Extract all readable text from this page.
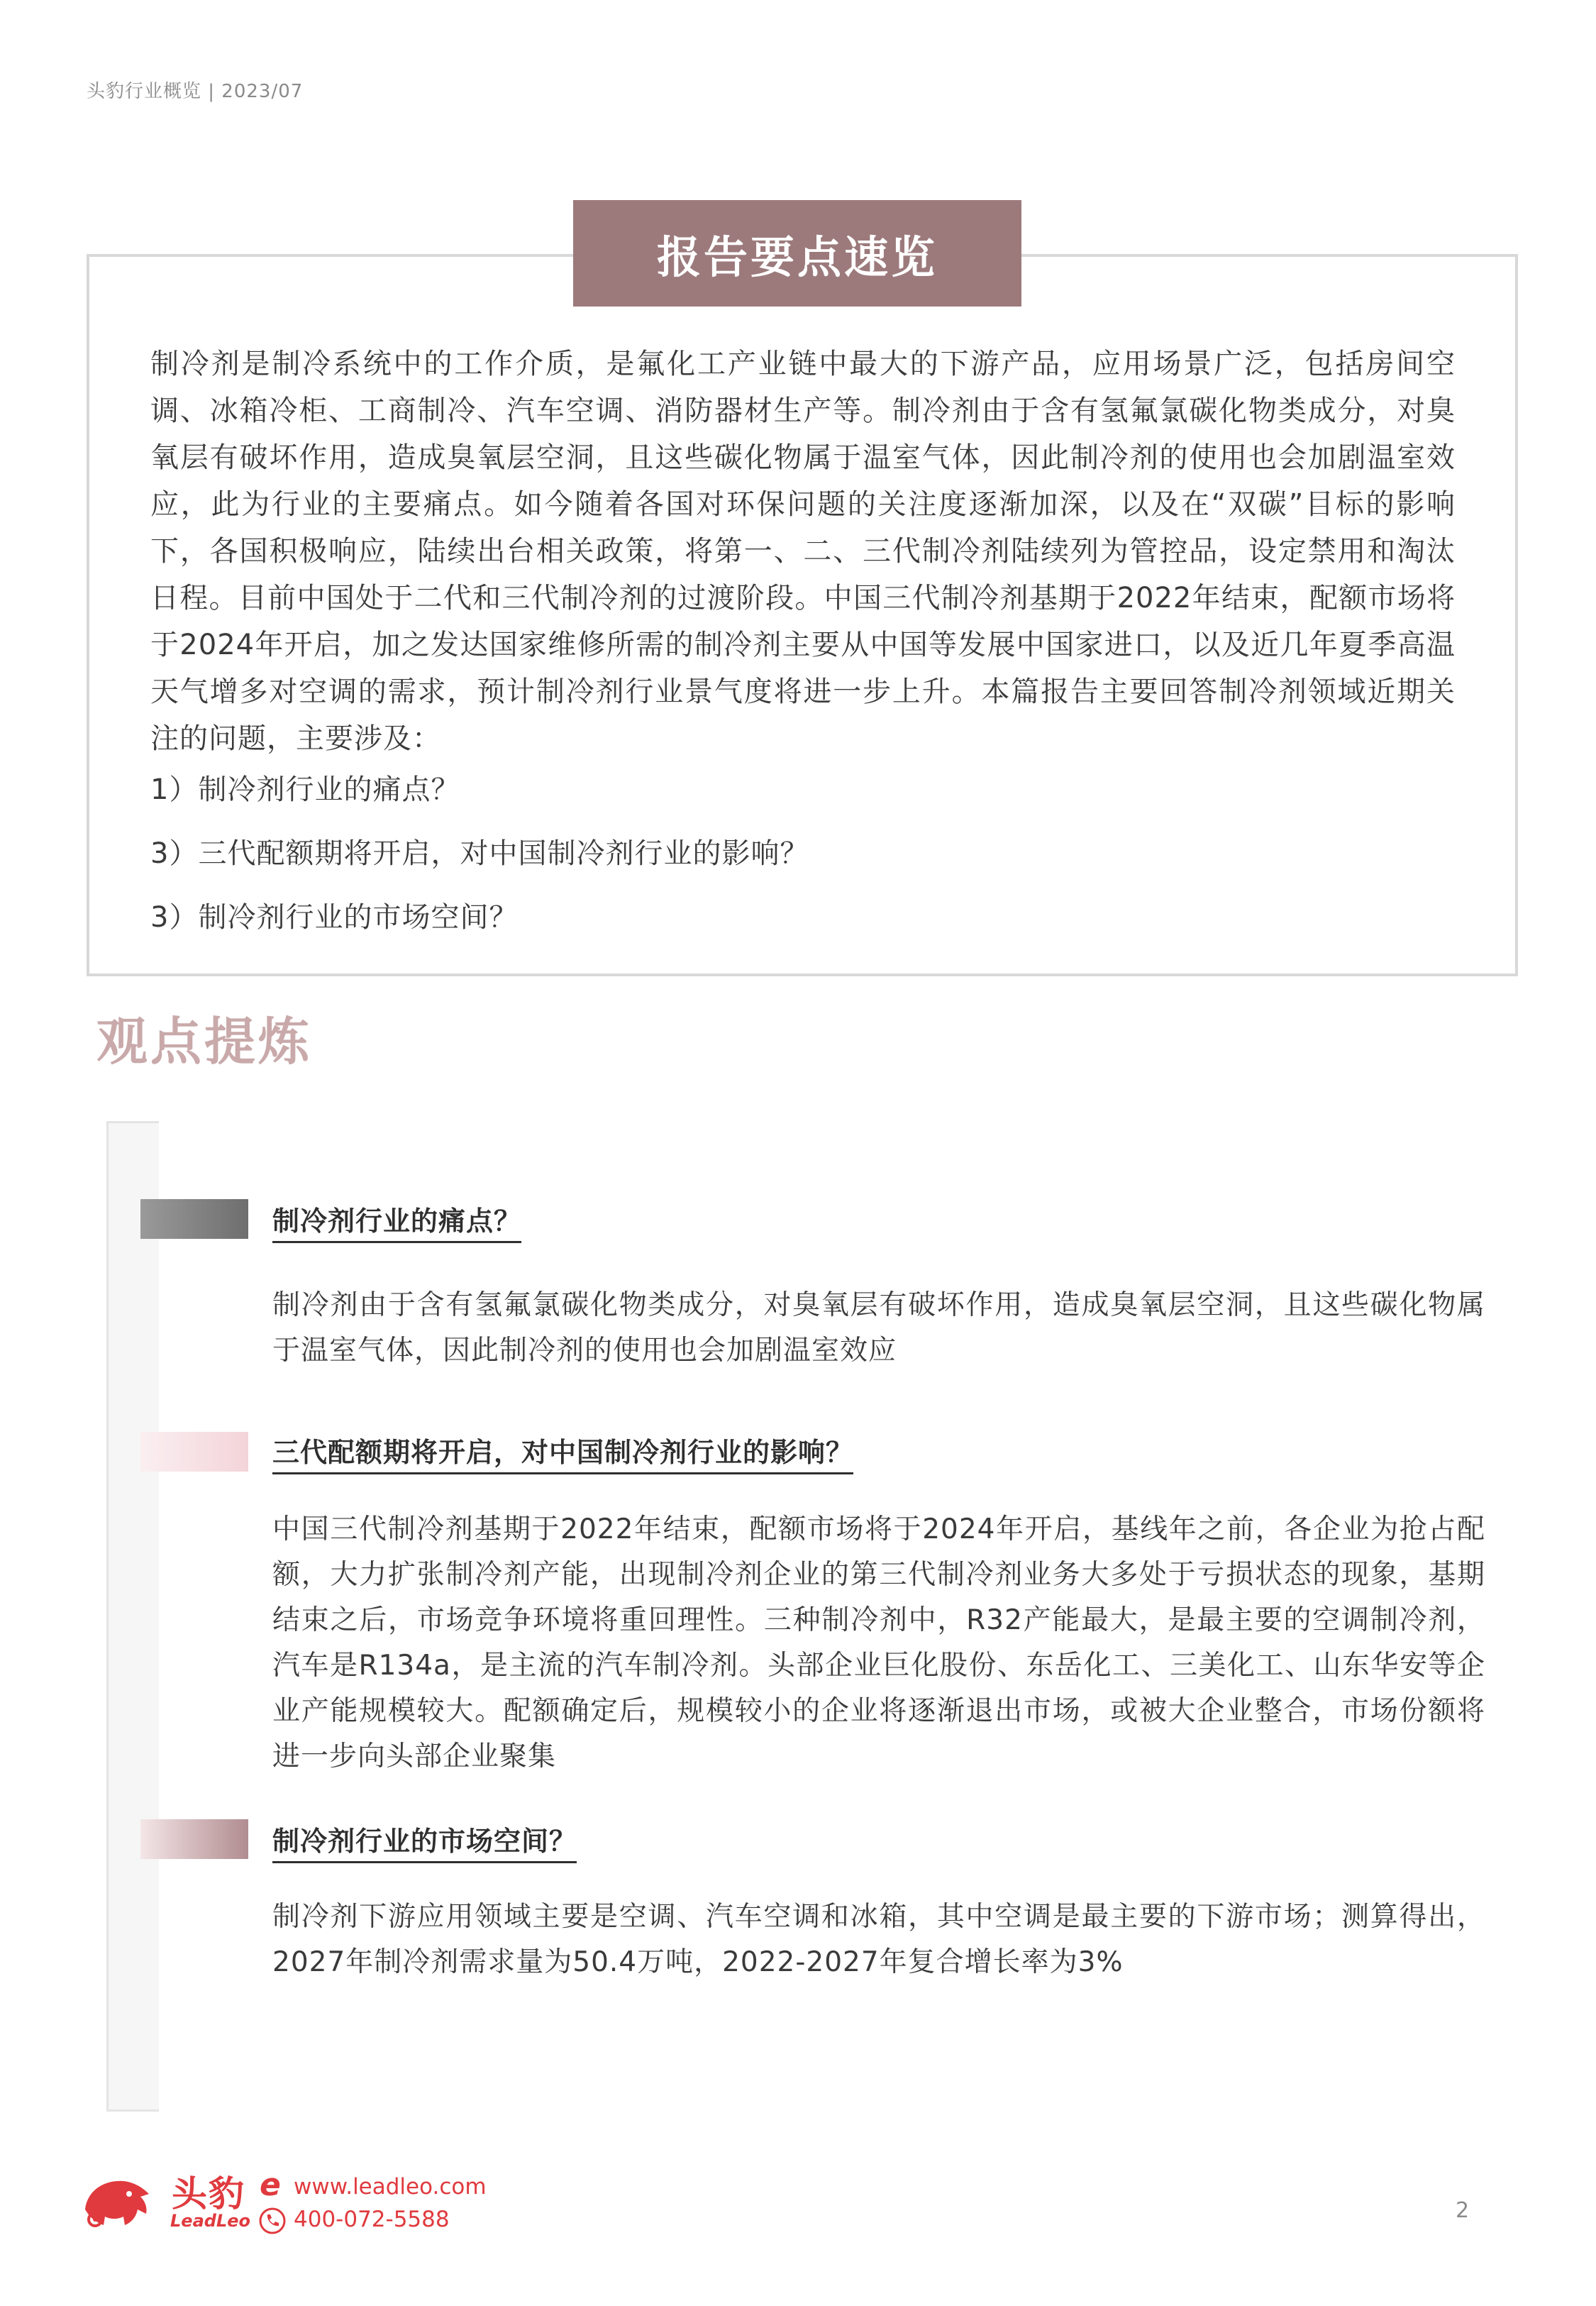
头豹行业概览 | 2023/07
报告要点速览
制冷剂是制冷系统中的工作介质，是氟化工产业链中最大的下游产品，应用场景广泛，包括房间空调、冰箱冷柜、工商制冷、汽车空调、消防器材生产等。制冷剂由于含有氢氟氯碳化物类成分，对臭氧层有破坏作用，造成臭氧层空洞，且这些碳化物属于温室气体，因此制冷剂的使用也会加剧温室效应，此为行业的主要痛点。如今随着各国对环保问题的关注度逐渐加深，以及在“双碳”目标的影响下，各国积极响应，陆续出台相关政策，将第一、二、三代制冷剂陆续列为管控品，设定禁用和淘汰日程。目前中国处于二代和三代制冷剂的过渡阶段。中国三代制冷剂基期于2022年结束，配额市场将于2024年开启，加之发达国家维修所需的制冷剂主要从中国等发展中国家进口，以及近几年夏季高温天气增多对空调的需求，预计制冷剂行业景气度将进一步上升。本篇报告主要回答制冷剂领域近期关注的问题，主要涉及：
1）制冷剂行业的痛点？
3）三代配额期将开启，对中国制冷剂行业的影响？
3）制冷剂行业的市场空间？
观点提炼
制冷剂行业的痛点？
制冷剂由于含有氢氟氯碳化物类成分，对臭氧层有破坏作用，造成臭氧层空洞，且这些碳化物属于温室气体，因此制冷剂的使用也会加剧温室效应
三代配额期将开启，对中国制冷剂行业的影响？
中国三代制冷剂基期于2022年结束，配额市场将于2024年开启，基线年之前，各企业为抢占配额，大力扩张制冷剂产能，出现制冷剂企业的第三代制冷剂业务大多处于亏损状态的现象，基期结束之后，市场竞争环境将重回理性。三种制冷剂中，R32产能最大，是最主要的空调制冷剂，汽车是R134a，是主流的汽车制冷剂。头部企业巨化股份、东岳化工、三美化工、山东华安等企业产能规模较大。配额确定后，规模较小的企业将逐渐退出市场，或被大企业整合，市场份额将进一步向头部企业聚集
制冷剂行业的市场空间？
制冷剂下游应用领域主要是空调、汽车空调和冰箱，其中空调是最主要的下游市场；测算得出，2027年制冷剂需求量为50.4万吨，2022-2027年复合增长率为3%
头豹
LeadLeo
e www.leadleo.com
400-072-5588	2
